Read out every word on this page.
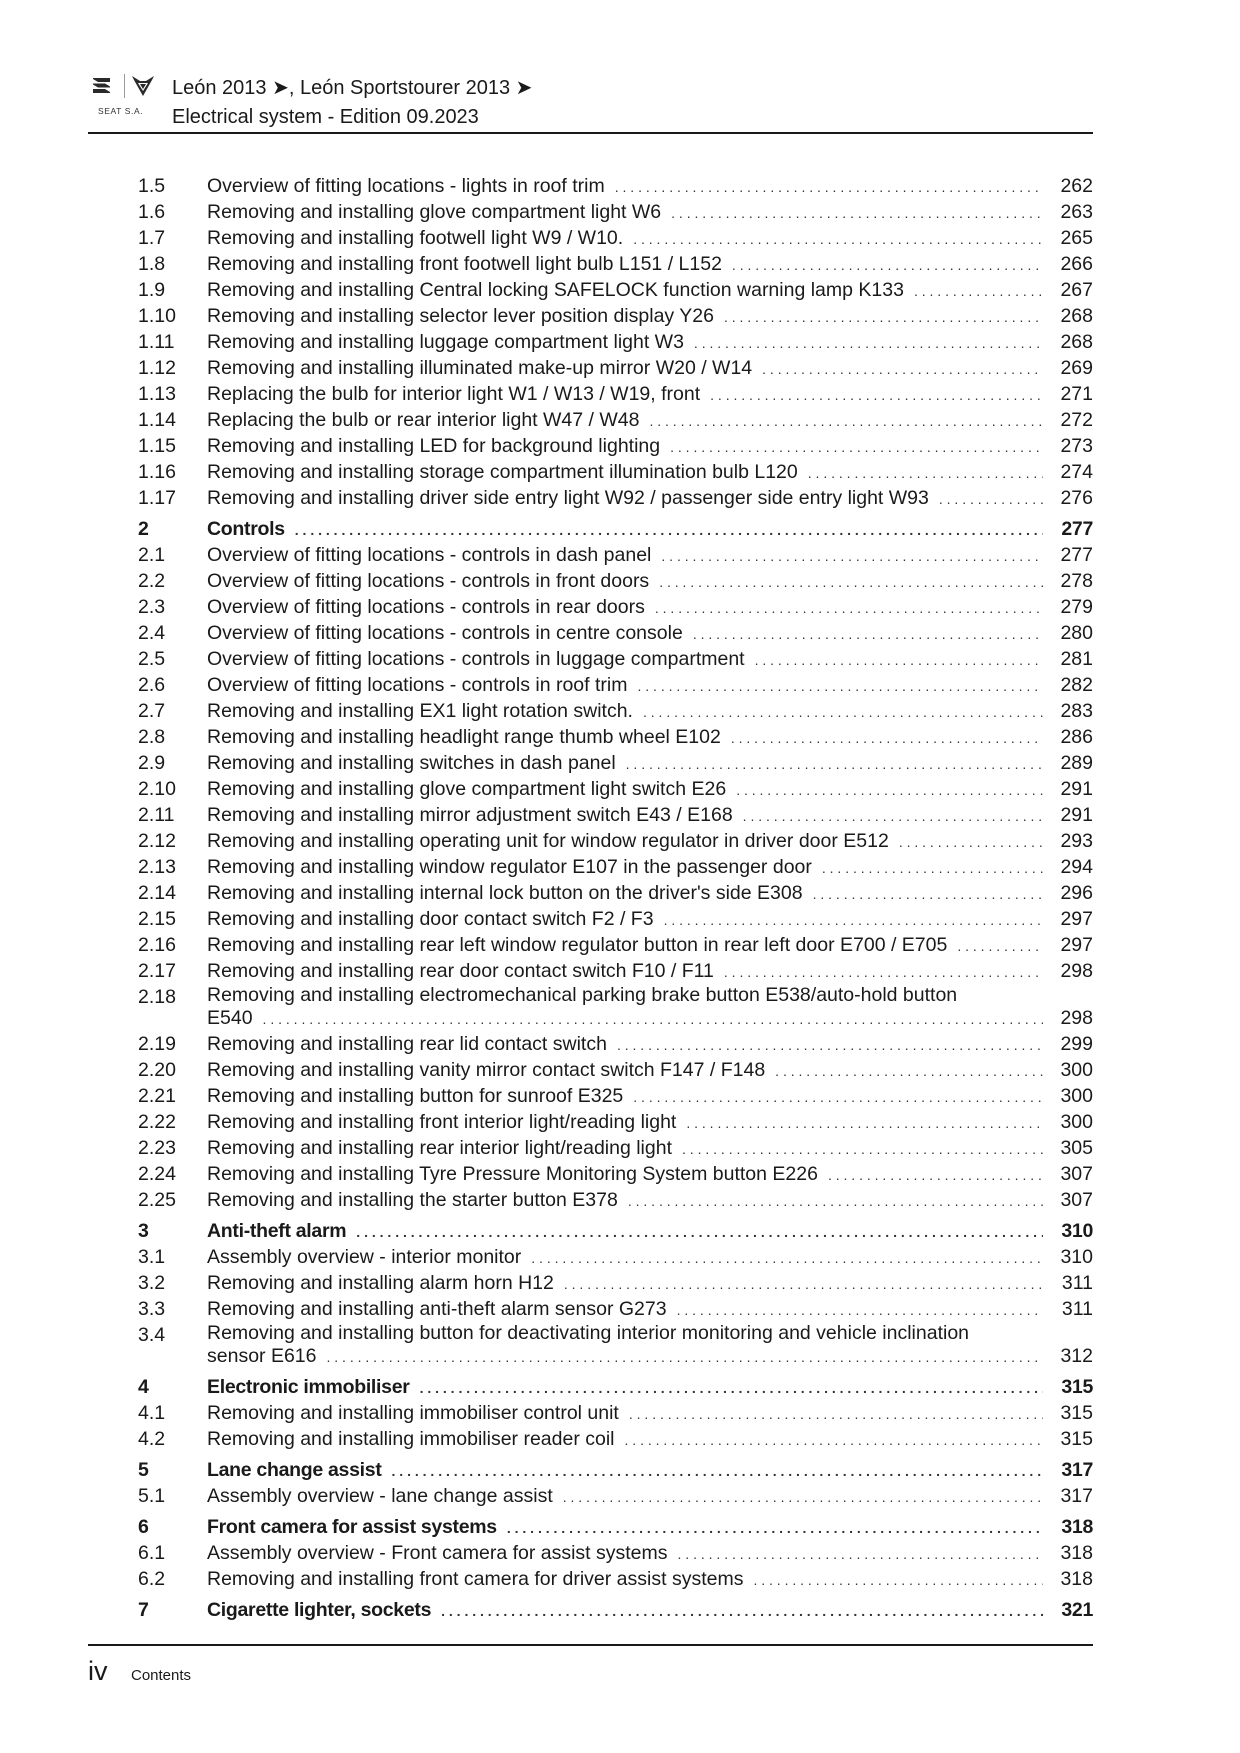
SEAT S.A.
León 2013 ➤, León Sportstourer 2013 ➤
Electrical system - Edition 09.2023
1.5 Overview of fitting locations - lights in roof trim . . .	262
1.6 Removing and installing glove compartment light W6 . . .	263
1.7 Removing and installing footwell light W9 / W10. . . .	265
1.8 Removing and installing front footwell light bulb L151 / L152 . . .	266
1.9 Removing and installing Central locking SAFELOCK function warning lamp K133 . . .	267
1.10 Removing and installing selector lever position display Y26 . . .	268
1.11 Removing and installing luggage compartment light W3 . . .	268
1.12 Removing and installing illuminated make-up mirror W20 / W14 . . .	269
1.13 Replacing the bulb for interior light W1 / W13 / W19, front . . .	271
1.14 Replacing the bulb or rear interior light W47 / W48 . . .	272
1.15 Removing and installing LED for background lighting . . .	273
1.16 Removing and installing storage compartment illumination bulb L120 . . .	274
1.17 Removing and installing driver side entry light W92 / passenger side entry light W93 . . .	276
2	Controls . . .	277
2.1 Overview of fitting locations - controls in dash panel . . .	277
2.2 Overview of fitting locations - controls in front doors . . .	278
2.3 Overview of fitting locations - controls in rear doors . . .	279
2.4 Overview of fitting locations - controls in centre console . . .	280
2.5 Overview of fitting locations - controls in luggage compartment . . .	281
2.6 Overview of fitting locations - controls in roof trim . . .	282
2.7 Removing and installing EX1 light rotation switch. . . .	283
2.8 Removing and installing headlight range thumb wheel E102 . . .	286
2.9 Removing and installing switches in dash panel . . .	289
2.10 Removing and installing glove compartment light switch E26 . . .	291
2.11 Removing and installing mirror adjustment switch E43 / E168 . . .	291
2.12 Removing and installing operating unit for window regulator in driver door E512 . . .	293
2.13 Removing and installing window regulator E107 in the passenger door . . .	294
2.14 Removing and installing internal lock button on the driver's side E308 . . .	296
2.15 Removing and installing door contact switch F2 / F3 . . .	297
2.16 Removing and installing rear left window regulator button in rear left door E700 / E705 . . .	297
2.17 Removing and installing rear door contact switch F10 / F11 . . .	298
2.18 Removing and installing electromechanical parking brake button E538/auto-hold button
E540 . . .	298
2.19 Removing and installing rear lid contact switch . . .	299
2.20 Removing and installing vanity mirror contact switch F147 / F148 . . .	300
2.21 Removing and installing button for sunroof E325 . . .	300
2.22 Removing and installing front interior light/reading light . . .	300
2.23 Removing and installing rear interior light/reading light . . .	305
2.24 Removing and installing Tyre Pressure Monitoring System button E226 . . .	307
2.25 Removing and installing the starter button E378 . . .	307
3	Anti-theft alarm . . .	310
3.1 Assembly overview - interior monitor . . .	310
3.2 Removing and installing alarm horn H12 . . .	311
3.3 Removing and installing anti-theft alarm sensor G273 . . .	311
3.4 Removing and installing button for deactivating interior monitoring and vehicle inclination
sensor E616 . . .	312
4	Electronic immobiliser . . .	315
4.1 Removing and installing immobiliser control unit . . .	315
4.2 Removing and installing immobiliser reader coil . . .	315
5	Lane change assist . . .	317
5.1 Assembly overview - lane change assist . . .	317
6	Front camera for assist systems . . .	318
6.1 Assembly overview - Front camera for assist systems . . .	318
6.2 Removing and installing front camera for driver assist systems . . .	318
7	Cigarette lighter, sockets . . .	321
iv Contents
